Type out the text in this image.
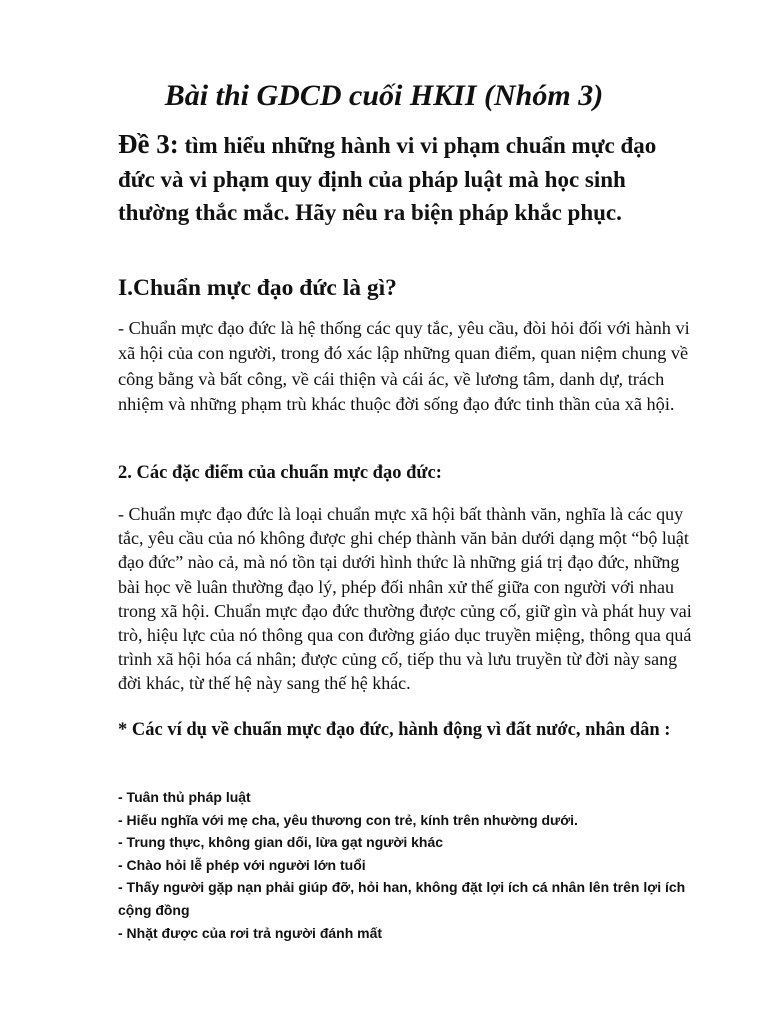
Bài thi GDCD cuối HKII (Nhóm 3)

Đề 3: tìm hiểu những hành vi vi phạm chuẩn mực đạo đức và vi phạm quy định của pháp luật mà học sinh thường thắc mắc. Hãy nêu ra biện pháp khắc phục.

I.Chuẩn mực đạo đức là gì?

- Chuẩn mực đạo đức là hệ thống các quy tắc, yêu cầu, đòi hỏi đối với hành vi xã hội của con người, trong đó xác lập những quan điểm, quan niệm chung về công bằng và bất công, về cái thiện và cái ác, về lương tâm, danh dự, trách nhiệm và những phạm trù khác thuộc đời sống đạo đức tinh thần của xã hội.

2. Các đặc điểm của chuẩn mực đạo đức:

- Chuẩn mực đạo đức là loại chuẩn mực xã hội bất thành văn, nghĩa là các quy tắc, yêu cầu của nó không được ghi chép thành văn bản dưới dạng một “bộ luật đạo đức” nào cả, mà nó tồn tại dưới hình thức là những giá trị đạo đức, những bài học về luân thường đạo lý, phép đối nhân xử thế giữa con người với nhau trong xã hội. Chuẩn mực đạo đức thường được củng cố, giữ gìn và phát huy vai trò, hiệu lực của nó thông qua con đường giáo dục truyền miệng, thông qua quá trình xã hội hóa cá nhân; được củng cố, tiếp thu và lưu truyền từ đời này sang đời khác, từ thế hệ này sang thế hệ khác.

* Các ví dụ về chuẩn mực đạo đức, hành động vì đất nước, nhân dân :
- Tuân thủ pháp luật
- Hiếu nghĩa với mẹ cha, yêu thương con trẻ, kính trên nhường dưới.
- Trung thực, không gian dối, lừa gạt người khác
- Chào hỏi lễ phép với người lớn tuổi
- Thấy người gặp nạn phải giúp đỡ, hỏi han, không đặt lợi ích cá nhân lên trên lợi ích cộng đồng
- Nhặt được của rơi trả người đánh mất
